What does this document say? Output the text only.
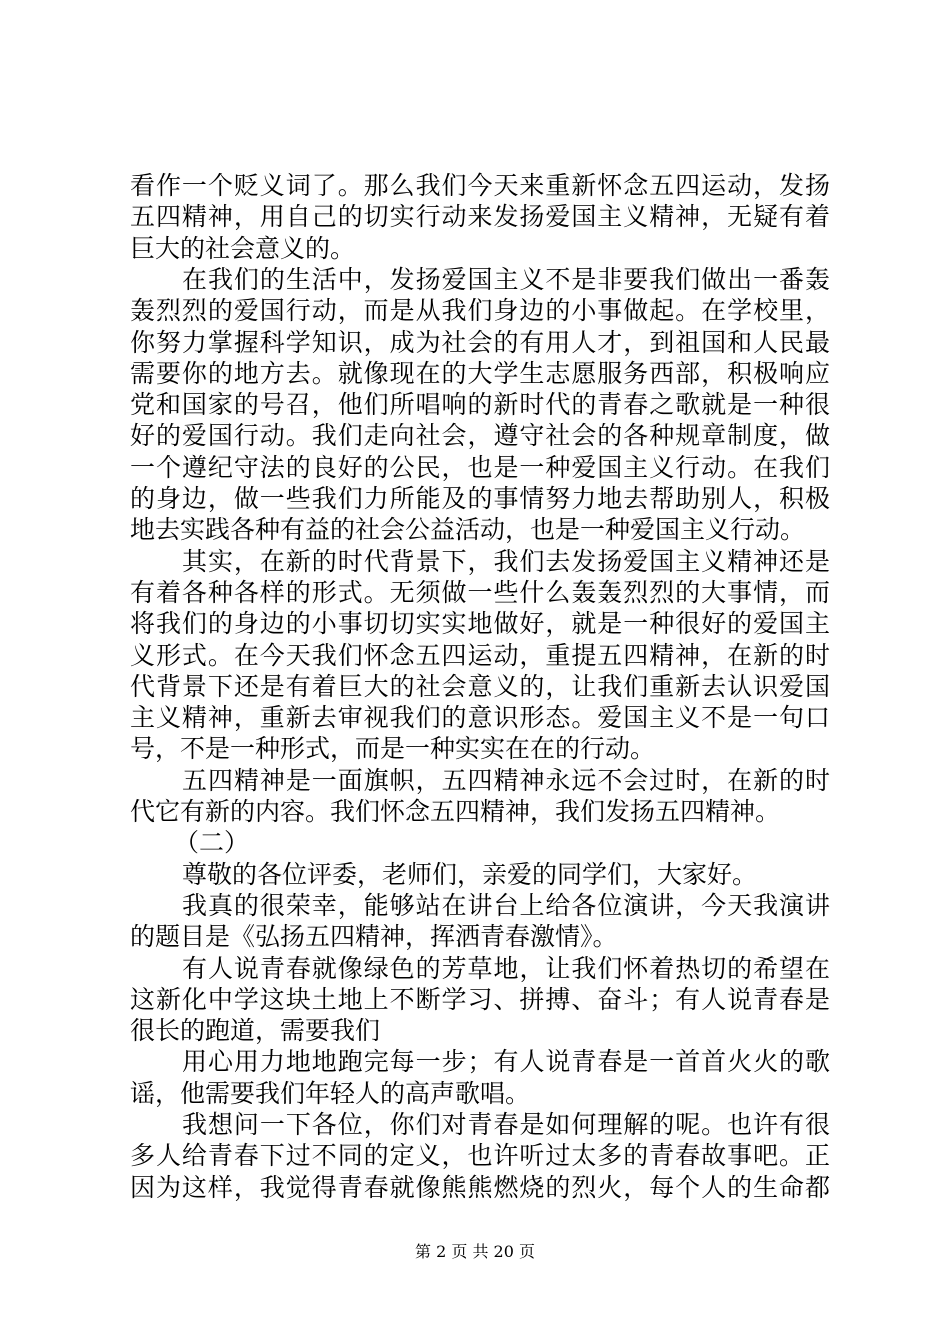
看作一个贬义词了。那么我们今天来重新怀念五四运动，发扬
五四精神，用自己的切实行动来发扬爱国主义精神，无疑有着
巨大的社会意义的。
在我们的生活中，发扬爱国主义不是非要我们做出一番轰
轰烈烈的爱国行动，而是从我们身边的小事做起。在学校里，
你努力掌握科学知识，成为社会的有用人才，到祖国和人民最
需要你的地方去。就像现在的大学生志愿服务西部，积极响应
党和国家的号召，他们所唱响的新时代的青春之歌就是一种很
好的爱国行动。我们走向社会，遵守社会的各种规章制度，做
一个遵纪守法的良好的公民，也是一种爱国主义行动。在我们
的身边，做一些我们力所能及的事情努力地去帮助别人，积极
地去实践各种有益的社会公益活动，也是一种爱国主义行动。
其实，在新的时代背景下，我们去发扬爱国主义精神还是
有着各种各样的形式。无须做一些什么轰轰烈烈的大事情，而
将我们的身边的小事切切实实地做好，就是一种很好的爱国主
义形式。在今天我们怀念五四运动，重提五四精神，在新的时
代背景下还是有着巨大的社会意义的，让我们重新去认识爱国
主义精神，重新去审视我们的意识形态。爱国主义不是一句口
号，不是一种形式，而是一种实实在在的行动。
五四精神是一面旗帜，五四精神永远不会过时，在新的时
代它有新的内容。我们怀念五四精神，我们发扬五四精神。
（二）
尊敬的各位评委，老师们，亲爱的同学们，大家好。
我真的很荣幸，能够站在讲台上给各位演讲，今天我演讲
的题目是《弘扬五四精神，挥洒青春激情》。
有人说青春就像绿色的芳草地，让我们怀着热切的希望在
这新化中学这块土地上不断学习、拼搏、奋斗；有人说青春是
很长的跑道，需要我们
用心用力地地跑完每一步；有人说青春是一首首火火的歌
谣，他需要我们年轻人的高声歌唱。
我想问一下各位，你们对青春是如何理解的呢。也许有很
多人给青春下过不同的定义，也许听过太多的青春故事吧。正
因为这样，我觉得青春就像熊熊燃烧的烈火，每个人的生命都
第 2 页 共 20 页
